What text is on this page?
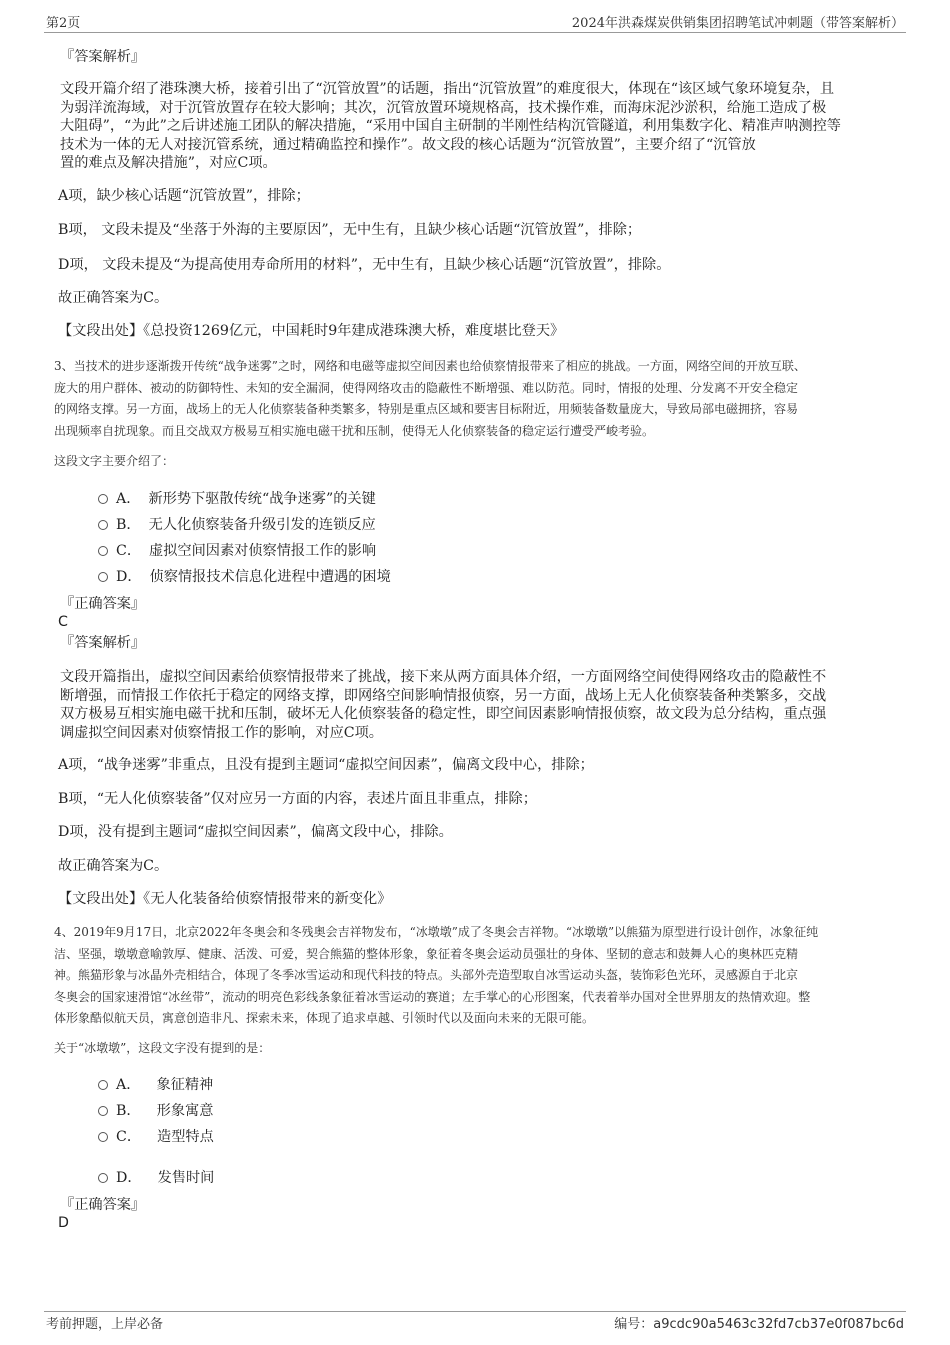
第2页	2024年洪森煤炭供销集团招聘笔试冲刺题（带答案解析）
『答案解析』
文段开篇介绍了港珠澳大桥，接着引出了“沉管放置”的话题，指出“沉管放置”的难度很大，体现在“该区域气象环境复杂，且
为弱洋流海域，对于沉管放置存在较大影响；其次，沉管放置环境规格高，技术操作难，而海床泥沙淤积，给施工造成了极
大阻碍”，“为此”之后讲述施工团队的解决措施，“采用中国自主研制的半刚性结构沉管隧道，利用集数字化、精准声呐测控等
技术为一体的无人对接沉管系统，通过精确监控和操作”。故文段的核心话题为“沉管放置”，主要介绍了“沉管放
置的难点及解决措施”，对应C项。
A项，缺少核心话题“沉管放置”，排除；
B项， 文段未提及“坐落于外海的主要原因”，无中生有，且缺少核心话题“沉管放置”，排除；
D项， 文段未提及“为提高使用寿命所用的材料”，无中生有，且缺少核心话题“沉管放置”，排除。
故正确答案为C。
【文段出处】《总投资1269亿元，中国耗时9年建成港珠澳大桥，难度堪比登天》
3、当技术的进步逐渐拨开传统“战争迷雾”之时，网络和电磁等虚拟空间因素也给侦察情报带来了相应的挑战。一方面，网络空间的开放互联、
庞大的用户群体、被动的防御特性、未知的安全漏洞，使得网络攻击的隐蔽性不断增强、难以防范。同时，情报的处理、分发离不开安全稳定
的网络支撑。另一方面，战场上的无人化侦察装备种类繁多，特别是重点区域和要害目标附近，用频装备数量庞大，导致局部电磁拥挤，容易
出现频率自扰现象。而且交战双方极易互相实施电磁干扰和压制，使得无人化侦察装备的稳定运行遭受严峻考验。
这段文字主要介绍了：
A． 新形势下驱散传统“战争迷雾”的关键
B． 无人化侦察装备升级引发的连锁反应
C． 虚拟空间因素对侦察情报工作的影响
D． 侦察情报技术信息化进程中遭遇的困境
『正确答案』
C
『答案解析』
文段开篇指出，虚拟空间因素给侦察情报带来了挑战，接下来从两方面具体介绍，一方面网络空间使得网络攻击的隐蔽性不
断增强，而情报工作依托于稳定的网络支撑，即网络空间影响情报侦察，另一方面，战场上无人化侦察装备种类繁多，交战
双方极易互相实施电磁干扰和压制，破坏无人化侦察装备的稳定性，即空间因素影响情报侦察，故文段为总分结构，重点强
调虚拟空间因素对侦察情报工作的影响，对应C项。
A项，“战争迷雾”非重点，且没有提到主题词“虚拟空间因素”，偏离文段中心，排除；
B项，“无人化侦察装备”仅对应另一方面的内容，表述片面且非重点，排除；
D项，没有提到主题词“虚拟空间因素”，偏离文段中心，排除。
故正确答案为C。
【文段出处】《无人化装备给侦察情报带来的新变化》
4、2019年9月17日，北京2022年冬奥会和冬残奥会吉祥物发布，“冰墩墩”成了冬奥会吉祥物。“冰墩墩”以熊猫为原型进行设计创作，冰象征纯
洁、坚强，墩墩意喻敦厚、健康、活泼、可爱，契合熊猫的整体形象，象征着冬奥会运动员强壮的身体、坚韧的意志和鼓舞人心的奥林匹克精
神。熊猫形象与冰晶外壳相结合，体现了冬季冰雪运动和现代科技的特点。头部外壳造型取自冰雪运动头盔，装饰彩色光环，灵感源自于北京
冬奥会的国家速滑馆“冰丝带”，流动的明亮色彩线条象征着冰雪运动的赛道；左手掌心的心形图案，代表着举办国对全世界朋友的热情欢迎。整
体形象酷似航天员，寓意创造非凡、探索未来，体现了追求卓越、引领时代以及面向未来的无限可能。
关于“冰墩墩”，这段文字没有提到的是：
A． 象征精神
B． 形象寓意
C． 造型特点
D． 发售时间
『正确答案』
D
考前押题，上岸必备	编号：a9cdc90a5463c32fd7cb37e0f087bc6d
